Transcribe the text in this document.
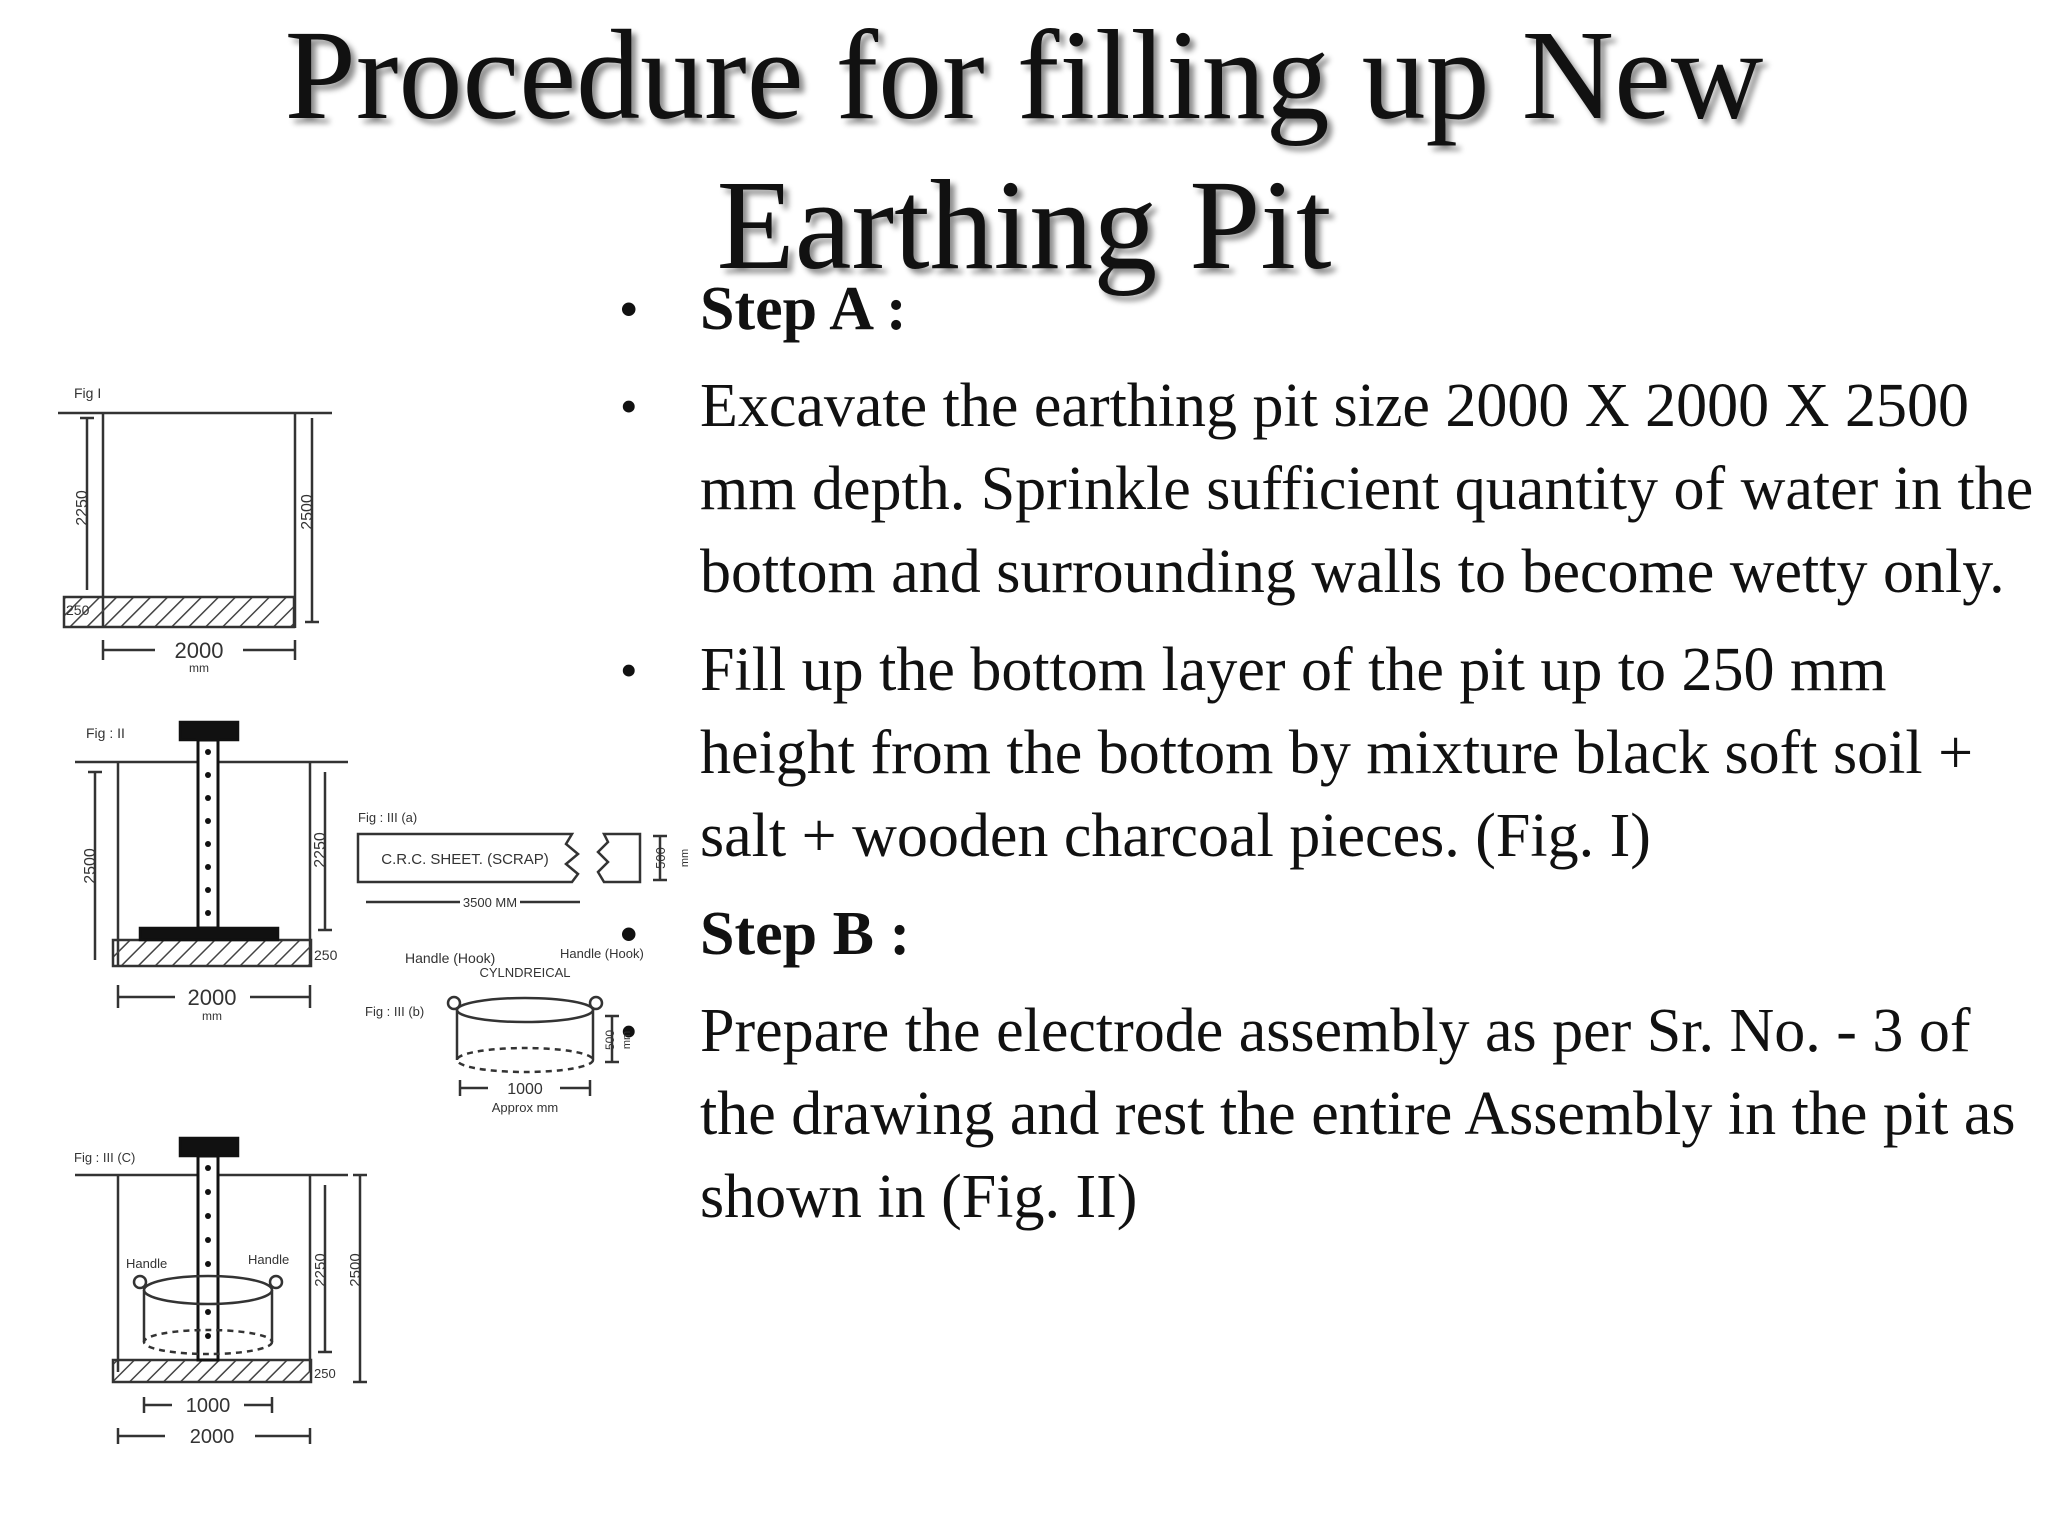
Procedure for filling up New
Earthing Pit
• Step A :
• Excavate the earthing pit size 2000 X 2000 X 2500 mm depth. Sprinkle sufficient quantity of water in the bottom and surrounding walls to become wetty only.
• Fill up the bottom layer of the pit up to 250 mm height from the bottom by mixture black soft soil + salt + wooden charcoal pieces. (Fig. I)
• Step B :
• Prepare the electrode assembly as per Sr. No. - 3 of the drawing and rest the entire Assembly in the pit as shown in (Fig. II)
Fig I
2250	2500
250
2000
mm
Fig : II
2500	2250
250
2000
mm
Fig : III (a)
C.R.C. SHEET. (SCRAP)
3500 MM
500 mm
Handle (Hook)
CYLNDREICAL
Handle (Hook)
Fig : III (b)
500 mm
1000
Approx mm
Fig : III (C)
Handle	Handle 2250 2500
250
1000
2000
